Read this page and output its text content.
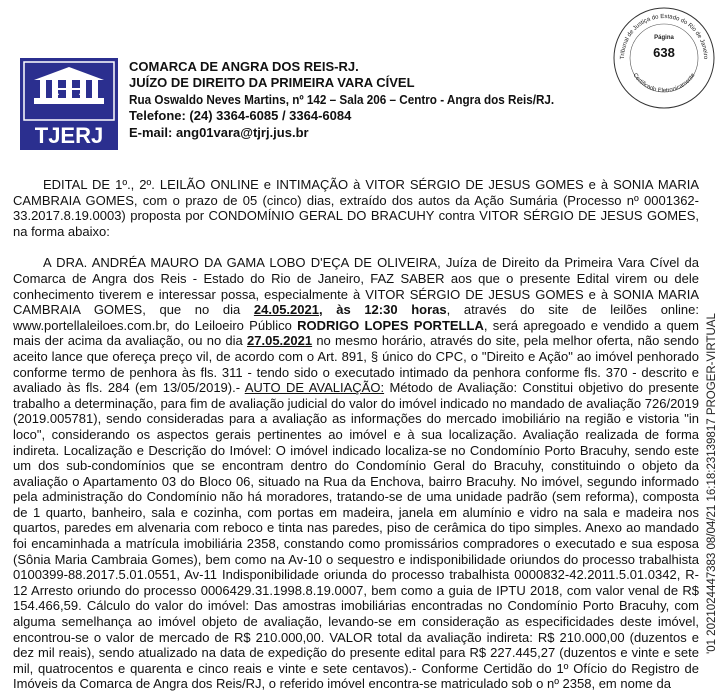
TJERJ
COMARCA DE ANGRA DOS REIS-RJ.
JUÍZO DE DIREITO DA PRIMEIRA VARA CÍVEL
Rua Oswaldo Neves Martins, nº 142 – Sala 206 – Centro - Angra dos Reis/RJ.
Telefone: (24) 3364-6085 / 3364-6084
E-mail: ang01vara@tjrj.jus.br
Tribunal de Justiça do Estado do Rio de Janeiro
Certificado Eletronicamente
Página
638
'01 2021024447383 08/04/21 16:18:23139817 PROGER-VIRTUAL

EDITAL DE 1º., 2º. LEILÃO ONLINE e INTIMAÇÃO à VITOR SÉRGIO DE JESUS GOMES e à SONIA MARIA CAMBRAIA GOMES, com o prazo de 05 (cinco) dias, extraído dos autos da Ação Sumária (Processo nº 0001362-33.2017.8.19.0003) proposta por CONDOMÍNIO GERAL DO BRACUHY contra VITOR SÉRGIO DE JESUS GOMES, na forma abaixo:

A DRA. ANDRÉA MAURO DA GAMA LOBO D'EÇA DE OLIVEIRA, Juíza de Direito da Primeira Vara Cível da Comarca de Angra dos Reis - Estado do Rio de Janeiro, FAZ SABER aos que o presente Edital virem ou dele conhecimento tiverem e interessar possa, especialmente à VITOR SÉRGIO DE JESUS GOMES e à SONIA MARIA CAMBRAIA GOMES, que no dia 24.05.2021, às 12:30 horas, através do site de leilões online: www.portellaleiloes.com.br, do Leiloeiro Público RODRIGO LOPES PORTELLA, será apregoado e vendido a quem mais der acima da avaliação, ou no dia 27.05.2021 no mesmo horário, através do site, pela melhor oferta, não sendo aceito lance que ofereça preço vil, de acordo com o Art. 891, § único do CPC, o "Direito e Ação" ao imóvel penhorado conforme termo de penhora às fls. 311 - tendo sido o executado intimado da penhora conforme fls. 370 - descrito e avaliado às fls. 284 (em 13/05/2019).- AUTO DE AVALIAÇÃO: Método de Avaliação: Constitui objetivo do presente trabalho a determinação, para fim de avaliação judicial do valor do imóvel indicado no mandado de avaliação 726/2019 (2019.005781), sendo consideradas para a avaliação as informações do mercado imobiliário na região e vistoria "in loco", considerando os aspectos gerais pertinentes ao imóvel e à sua localização. Avaliação realizada de forma indireta. Localização e Descrição do Imóvel: O imóvel indicado localiza-se no Condomínio Porto Bracuhy, sendo este um dos sub-condomínios que se encontram dentro do Condomínio Geral do Bracuhy, constituindo o objeto da avaliação o Apartamento 03 do Bloco 06, situado na Rua da Enchova, bairro Bracuhy. No imóvel, segundo informado pela administração do Condomínio não há moradores, tratando-se de uma unidade padrão (sem reforma), composta de 1 quarto, banheiro, sala e cozinha, com portas em madeira, janela em alumínio e vidro na sala e madeira nos quartos, paredes em alvenaria com reboco e tinta nas paredes, piso de cerâmica do tipo simples. Anexo ao mandado foi encaminhada a matrícula imobiliária 2358, constando como promissários compradores o executado e sua esposa (Sônia Maria Cambraia Gomes), bem como na Av-10 o sequestro e indisponibilidade oriundos do processo trabalhista 0100399-88.2017.5.01.0551, Av-11 Indisponibilidade oriunda do processo trabalhista 0000832-42.2011.5.01.0342, R-12 Arresto oriundo do processo 0006429.31.1998.8.19.0007, bem como a guia de IPTU 2018, com valor venal de R$ 154.466,59. Cálculo do valor do imóvel: Das amostras imobiliárias encontradas no Condomínio Porto Bracuhy, com alguma semelhança ao imóvel objeto de avaliação, levando-se em consideração as especificidades deste imóvel, encontrou-se o valor de mercado de R$ 210.000,00. VALOR total da avaliação indireta: R$ 210.000,00 (duzentos e dez mil reais), sendo atualizado na data de expedição do presente edital para R$ 227.445,27 (duzentos e vinte e sete mil, quatrocentos e quarenta e cinco reais e vinte e sete centavos).- Conforme Certidão do 1º Ofício do Registro de Imóveis da Comarca de Angra dos Reis/RJ, o referido imóvel encontra-se matriculado sob o nº 2358, em nome da
